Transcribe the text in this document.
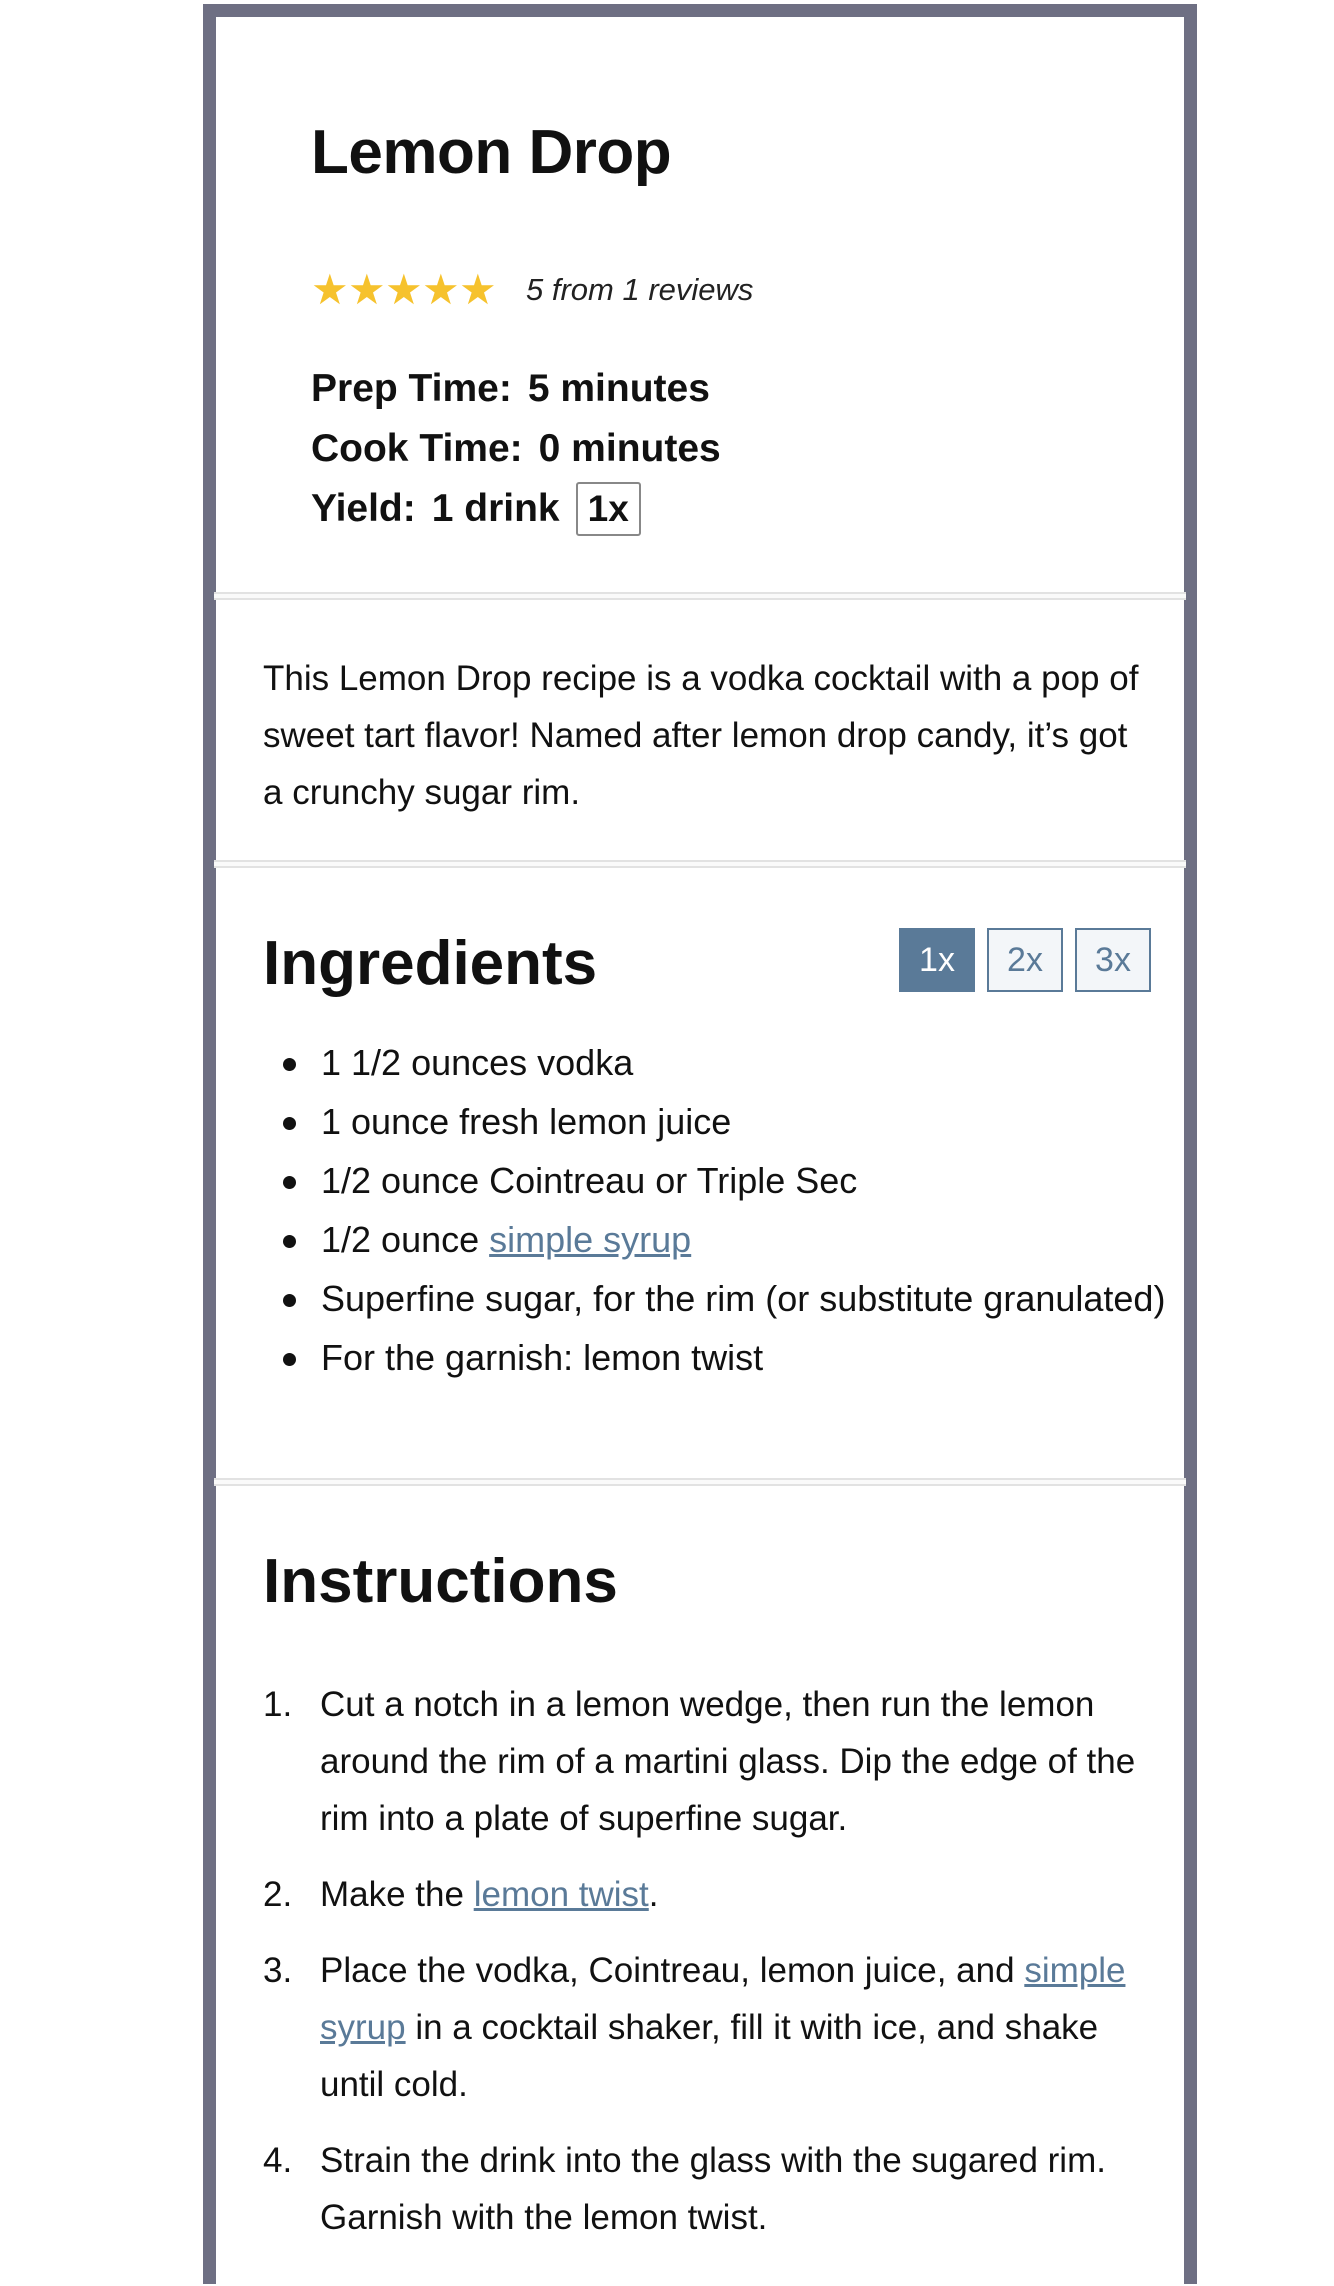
Lemon Drop
★ ★ ★ ★ ★ 5 from 1 reviews
Prep Time: 5 minutes
Cook Time: 0 minutes
Yield: 1 drink 1x

This Lemon Drop recipe is a vodka cocktail with a pop of sweet tart flavor! Named after lemon drop candy, it’s got a crunchy sugar rim.

Ingredients	1x	2x	3x
1 1/2 ounces vodka
1 ounce fresh lemon juice
1/2 ounce Cointreau or Triple Sec
1/2 ounce simple syrup
Superfine sugar, for the rim (or substitute granulated)
For the garnish: lemon twist
Instructions
1. Cut a notch in a lemon wedge, then run the lemon around the rim of a martini glass. Dip the edge of the rim into a plate of superfine sugar.
2. Make the lemon twist.
3. Place the vodka, Cointreau, lemon juice, and simple syrup in a cocktail shaker, fill it with ice, and shake until cold.
4. Strain the drink into the glass with the sugared rim. Garnish with the lemon twist.
